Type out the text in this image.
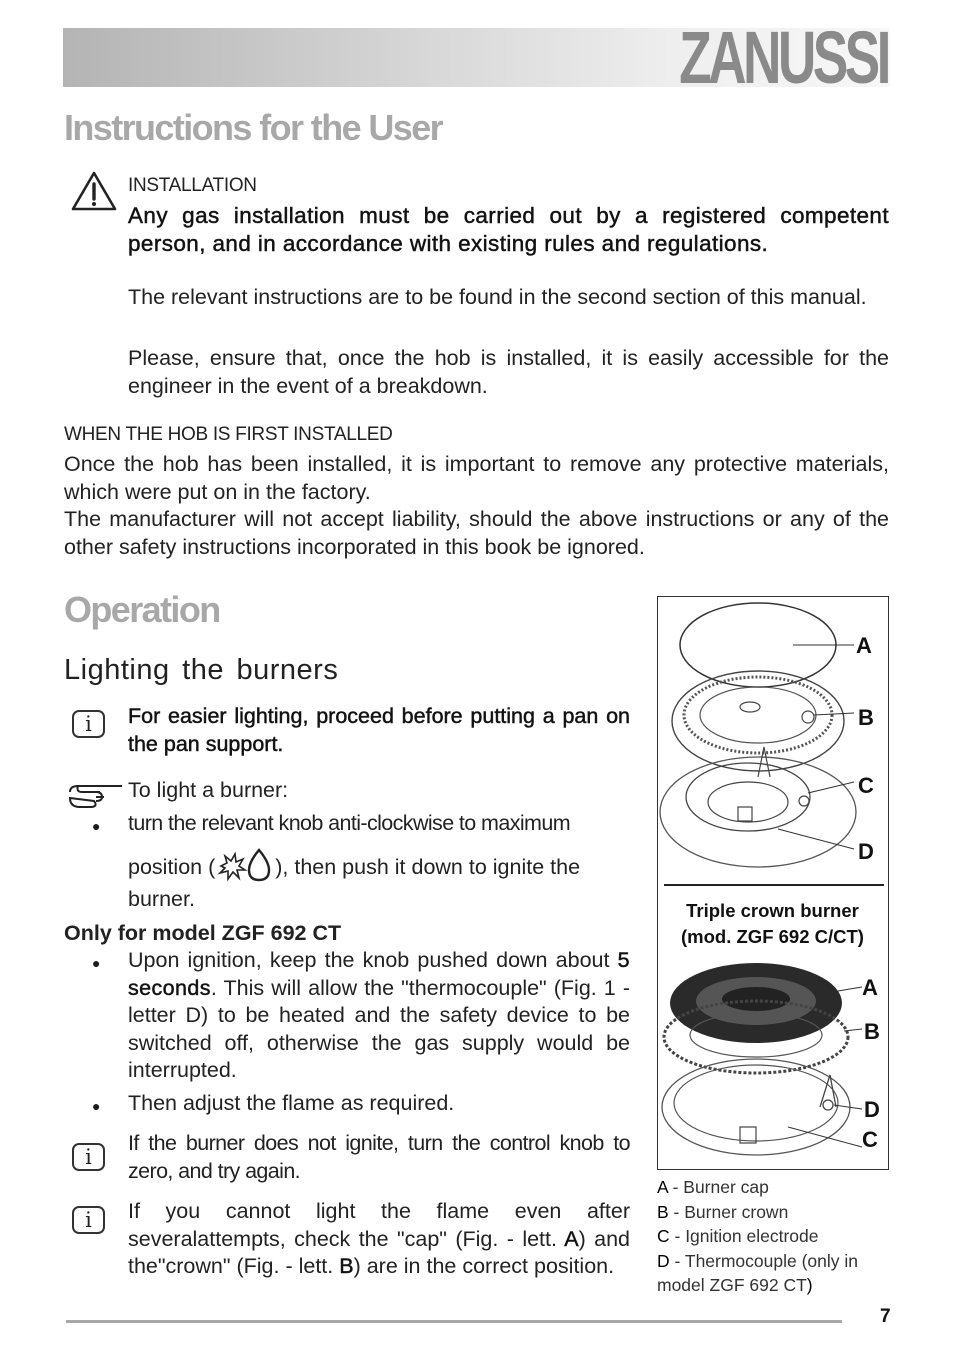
ZANUSSI
Instructions for the User
INSTALLATION
Any gas installation must be carried out by a registered competent person, and in accordance with existing rules and regulations.
The relevant instructions are to be found in the second section of this manual.
Please, ensure that, once the hob is installed, it is easily accessible for the engineer in the event of a breakdown.
WHEN THE HOB IS FIRST INSTALLED
Once the hob has been installed, it is important to remove any protective materials, which were put on in the factory.
The manufacturer will not accept liability, should the above instructions or any of the other safety instructions incorporated in this book be ignored.
Operation
Lighting the burners
i	For easier lighting, proceed before putting a pan on the pan support.
To light a burner:
● turn the relevant knob anti-clockwise to maximum
position (	), then push it down to ignite the
burner.
Only for model ZGF 692 CT
● Upon ignition, keep the knob pushed down about 5 seconds. This will allow the "thermocouple" (Fig. 1 - letter D) to be heated and the safety device to be switched off, otherwise the gas supply would be interrupted.
● Then adjust the flame as required.
i
If the burner does not ignite, turn the control knob to zero, and try again.
i	If you cannot light the flame even after severalattempts, check the "cap" (Fig. - lett. A) and the"crown" (Fig. - lett. B) are in the correct position.
A
B
C
D
Triple crown burner
(mod. ZGF 692 C/CT)
A
B
D
C
A - Burner cap
B - Burner crown
C - Ignition electrode
D - Thermocouple (only in model ZGF 692 CT)
7
